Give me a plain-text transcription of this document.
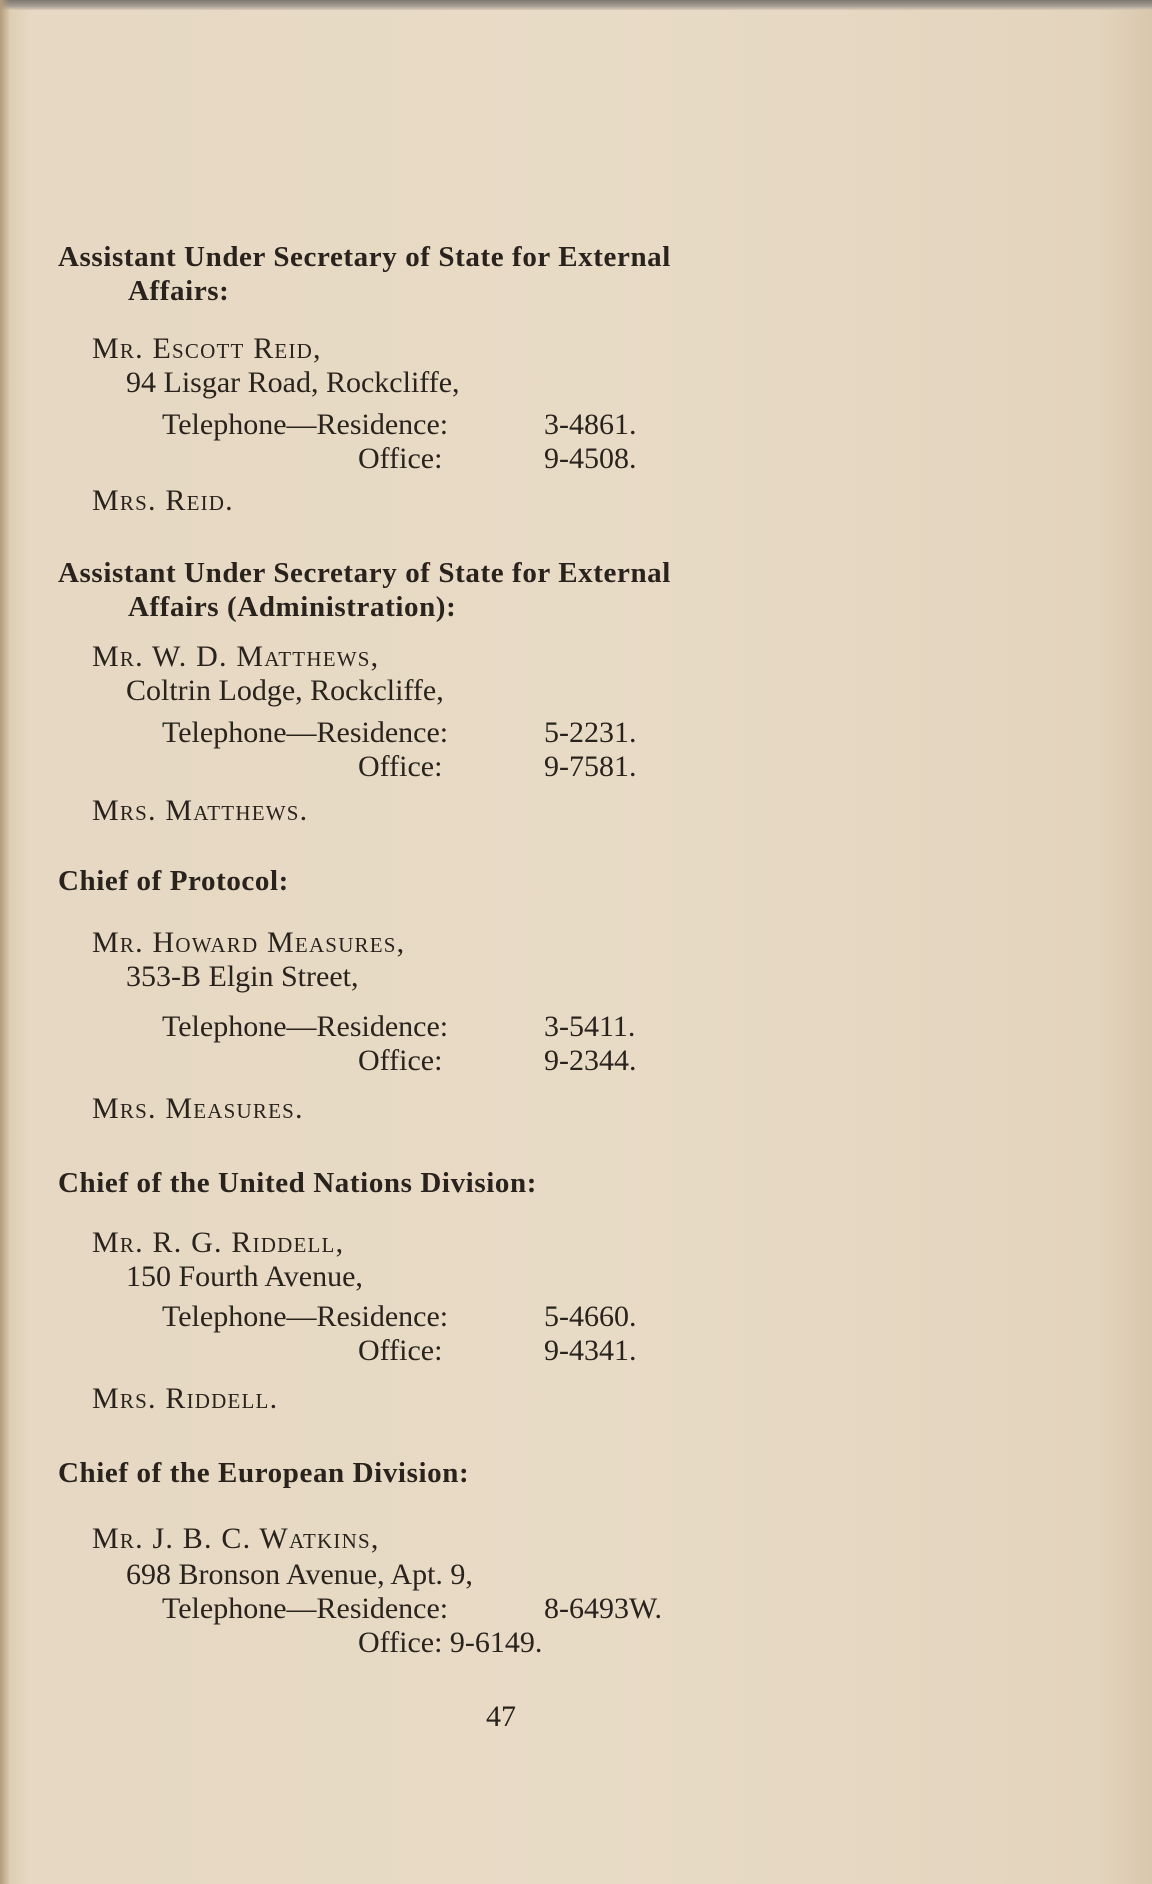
Assistant Under Secretary of State for External
Affairs:
Mr. Escott Reid,
94 Lisgar Road, Rockcliffe,
Telephone—Residence:	3-4861.
Office:	9-4508.
Mrs. Reid.
Assistant Under Secretary of State for External
Affairs (Administration):
Mr. W. D. Matthews,
Coltrin Lodge, Rockcliffe,
Telephone—Residence:	5-2231.
Office:	9-7581.
Mrs. Matthews.
Chief of Protocol:
Mr. Howard Measures,
353-B Elgin Street,
Telephone—Residence:	3-5411.
Office:	9-2344.
Mrs. Measures.
Chief of the United Nations Division:
Mr. R. G. Riddell,
150 Fourth Avenue,
Telephone—Residence:	5-4660.
Office:	9-4341.
Mrs. Riddell.
Chief of the European Division:
Mr. J. B. C. Watkins,
698 Bronson Avenue, Apt. 9,
Telephone—Residence:	8-6493W.
Office: 9-6149.
47
